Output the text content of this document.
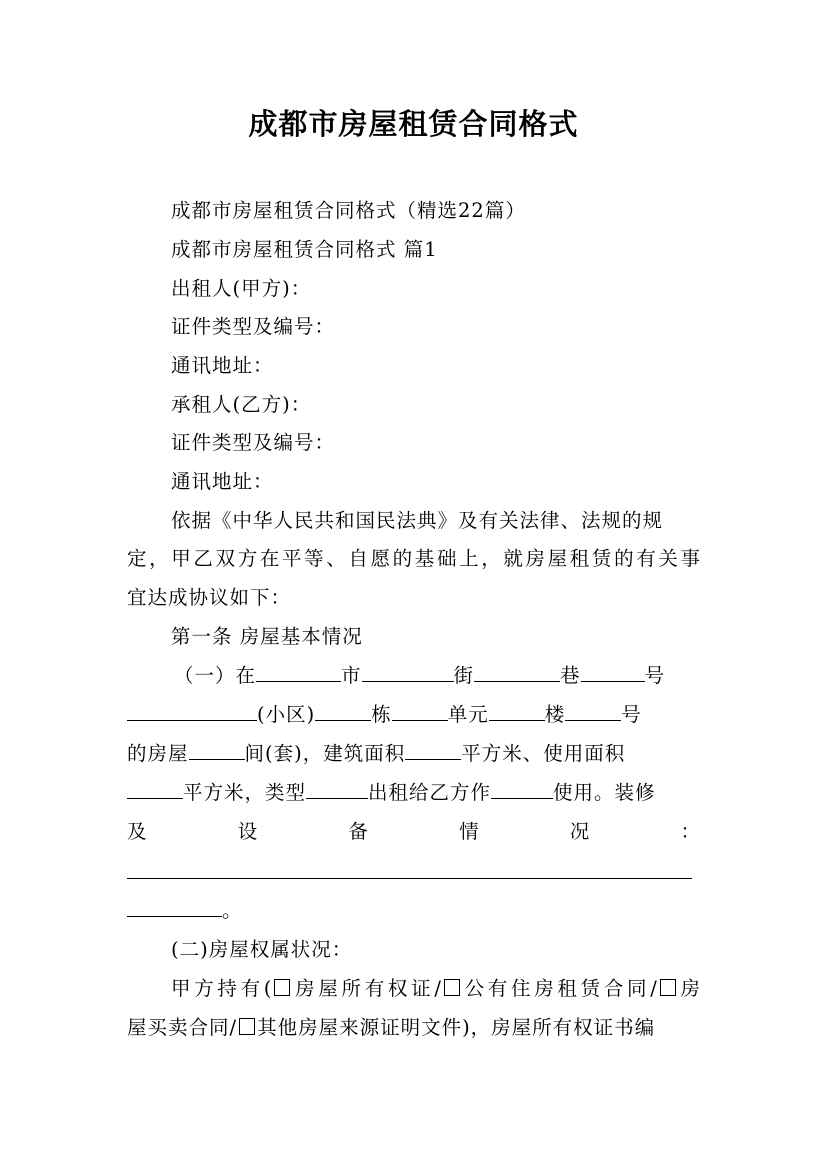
成都市房屋租赁合同格式
成都市房屋租赁合同格式（精选22篇）
成都市房屋租赁合同格式 篇1
出租人(甲方)：
证件类型及编号：
通讯地址：
承租人(乙方)：
证件类型及编号：
通讯地址：
依据《中华人民共和国民法典》及有关法律、法规的规
定，甲乙双方在平等、自愿的基础上，就房屋租赁的有关事
宜达成协议如下：
第一条 房屋基本情况
（一）在	市	街	巷	号
(小区)	栋	单元	楼	号
的房屋	间(套)，建筑面积	平方米、使用面积
平方米，类型	出租给乙方作	使用。装修
及	设	备	情	况	：
。
(二)房屋权属状况：
甲方持有( 房屋所有权证/ 公有住房租赁合同/ 房
屋买卖合同/ 其他房屋来源证明文件)，房屋所有权证书编
